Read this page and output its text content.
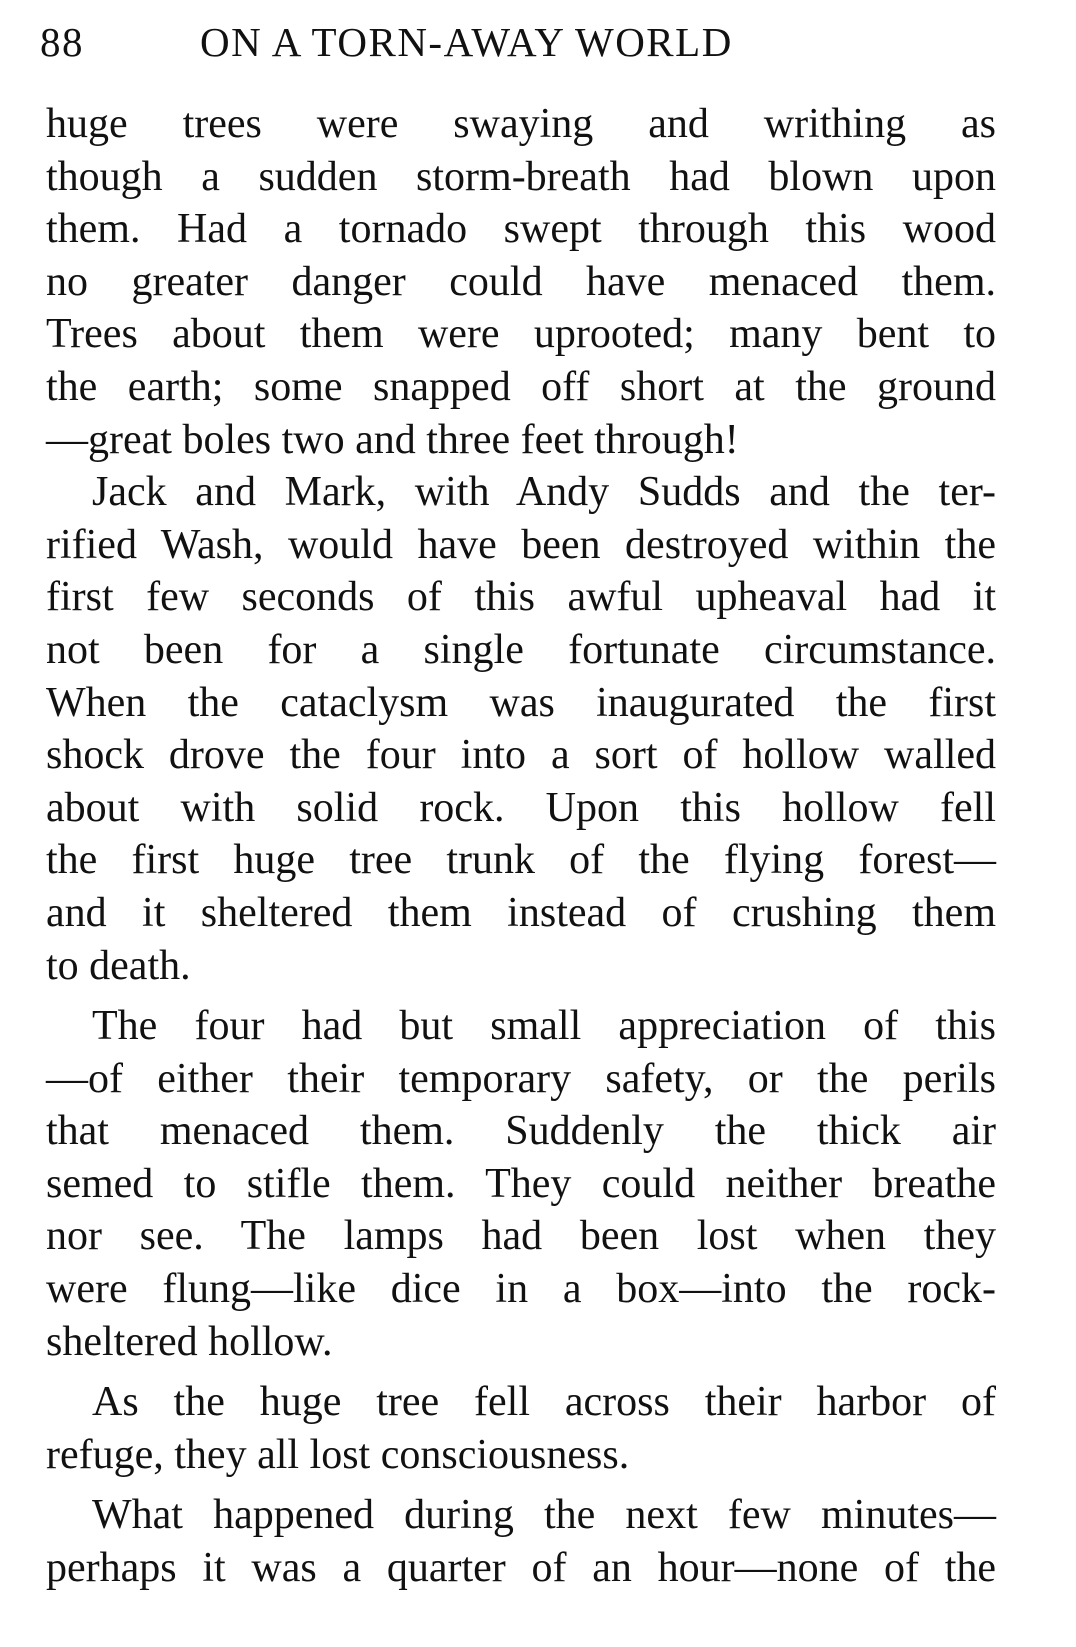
88	ON A TORN-AWAY WORLD
huge trees were swaying and writhing as
though a sudden storm-breath had blown upon
them. Had a tornado swept through this wood
no greater danger could have menaced them.
Trees about them were uprooted; many bent to
the earth; some snapped off short at the ground
—great boles two and three feet through!
Jack and Mark, with Andy Sudds and the ter-
rified Wash, would have been destroyed within the
first few seconds of this awful upheaval had it
not been for a single fortunate circumstance.
When the cataclysm was inaugurated the first
shock drove the four into a sort of hollow walled
about with solid rock. Upon this hollow fell
the first huge tree trunk of the flying forest—
and it sheltered them instead of crushing them
to death.
The four had but small appreciation of this
—of either their temporary safety, or the perils
that menaced them. Suddenly the thick air
semed to stifle them. They could neither breathe
nor see. The lamps had been lost when they
were flung—like dice in a box—into the rock-
sheltered hollow.
As the huge tree fell across their harbor of
refuge, they all lost consciousness.
What happened during the next few minutes—
perhaps it was a quarter of an hour—none of the
